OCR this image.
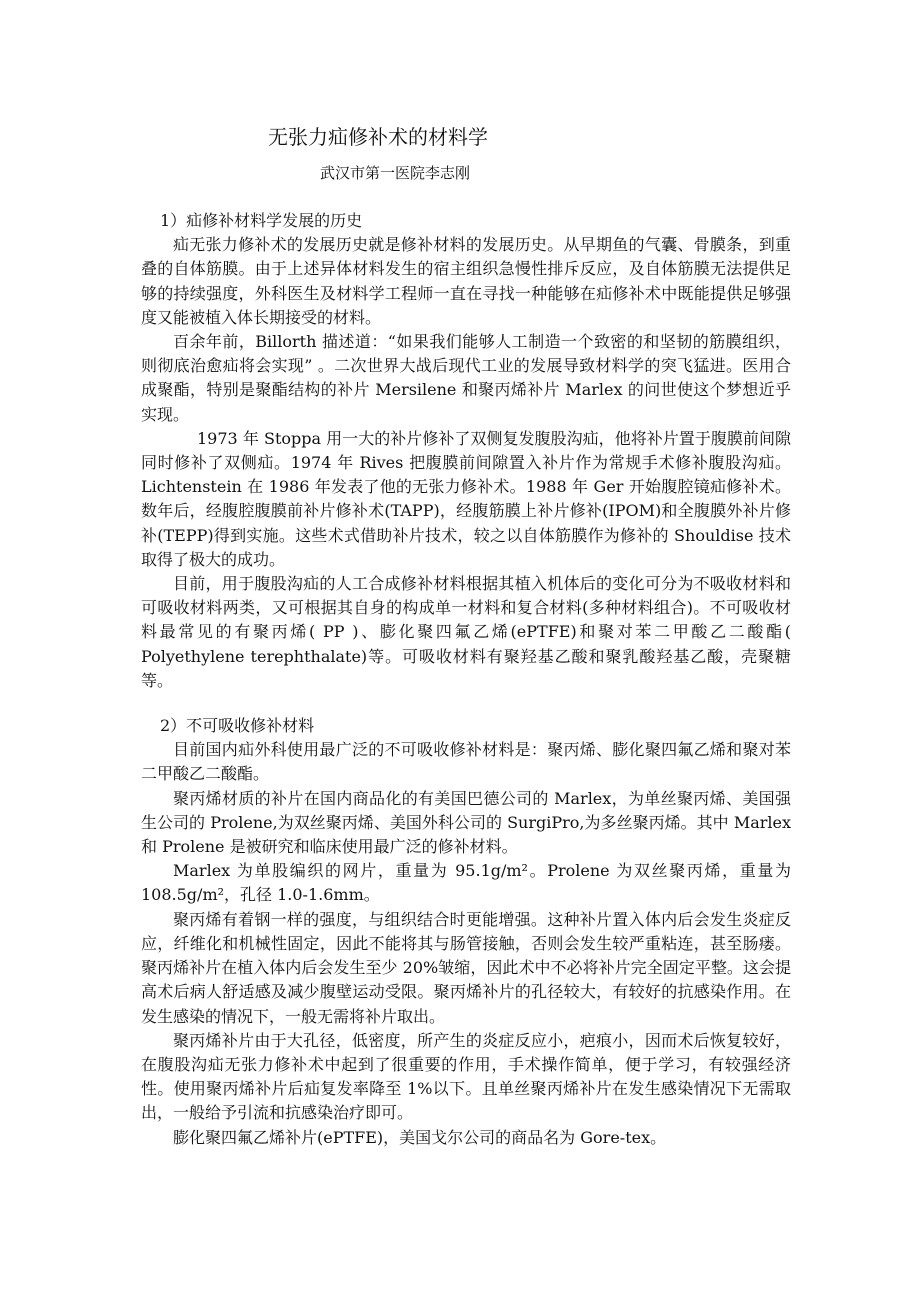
无张力疝修补术的材料学
武汉市第一医院李志刚

1）疝修补材料学发展的历史

疝无张力修补术的发展历史就是修补材料的发展历史。从早期鱼的气囊、骨膜条，到重叠的自体筋膜。由于上述异体材料发生的宿主组织急慢性排斥反应，及自体筋膜无法提供足够的持续强度，外科医生及材料学工程师一直在寻找一种能够在疝修补术中既能提供足够强度又能被植入体长期接受的材料。

百余年前，Billorth 描述道：“如果我们能够人工制造一个致密的和坚韧的筋膜组织，则彻底治愈疝将会实现” 。二次世界大战后现代工业的发展导致材料学的突飞猛进。医用合成聚酯，特别是聚酯结构的补片 Mersilene 和聚丙烯补片 Marlex 的问世使这个梦想近乎实现。

1973 年 Stoppa 用一大的补片修补了双侧复发腹股沟疝，他将补片置于腹膜前间隙同时修补了双侧疝。1974 年 Rives 把腹膜前间隙置入补片作为常规手术修补腹股沟疝。Lichtenstein 在 1986 年发表了他的无张力修补术。1988 年 Ger 开始腹腔镜疝修补术。数年后，经腹腔腹膜前补片修补术(TAPP)，经腹筋膜上补片修补(IPOM)和全腹膜外补片修补(TEPP)得到实施。这些术式借助补片技术，较之以自体筋膜作为修补的 Shouldise 技术取得了极大的成功。

目前，用于腹股沟疝的人工合成修补材料根据其植入机体后的变化可分为不吸收材料和可吸收材料两类，又可根据其自身的构成单一材料和复合材料(多种材料组合)。不可吸收材料最常见的有聚丙烯( PP )、膨化聚四氟乙烯(ePTFE)和聚对苯二甲酸乙二酸酯( Polyethylene terephthalate)等。可吸收材料有聚羟基乙酸和聚乳酸羟基乙酸，壳聚糖等。

2）不可吸收修补材料

目前国内疝外科使用最广泛的不可吸收修补材料是：聚丙烯、膨化聚四氟乙烯和聚对苯二甲酸乙二酸酯。

聚丙烯材质的补片在国内商品化的有美国巴德公司的 Marlex，为单丝聚丙烯、美国强生公司的 Prolene,为双丝聚丙烯、美国外科公司的 SurgiPro,为多丝聚丙烯。其中 Marlex 和 Prolene 是被研究和临床使用最广泛的修补材料。

Marlex 为单股编织的网片，重量为 95.1g/m²。Prolene 为双丝聚丙烯，重量为 108.5g/m²，孔径 1.0-1.6mm。

聚丙烯有着钢一样的强度，与组织结合时更能增强。这种补片置入体内后会发生炎症反应，纤维化和机械性固定，因此不能将其与肠管接触，否则会发生较严重粘连，甚至肠瘘。聚丙烯补片在植入体内后会发生至少 20%皱缩，因此术中不必将补片完全固定平整。这会提高术后病人舒适感及减少腹壁运动受限。聚丙烯补片的孔径较大，有较好的抗感染作用。在发生感染的情况下，一般无需将补片取出。

聚丙烯补片由于大孔径，低密度，所产生的炎症反应小，疤痕小，因而术后恢复较好，在腹股沟疝无张力修补术中起到了很重要的作用，手术操作简单，便于学习，有较强经济性。使用聚丙烯补片后疝复发率降至 1%以下。且单丝聚丙烯补片在发生感染情况下无需取出，一般给予引流和抗感染治疗即可。

膨化聚四氟乙烯补片(ePTFE)，美国戈尔公司的商品名为 Gore-tex。
